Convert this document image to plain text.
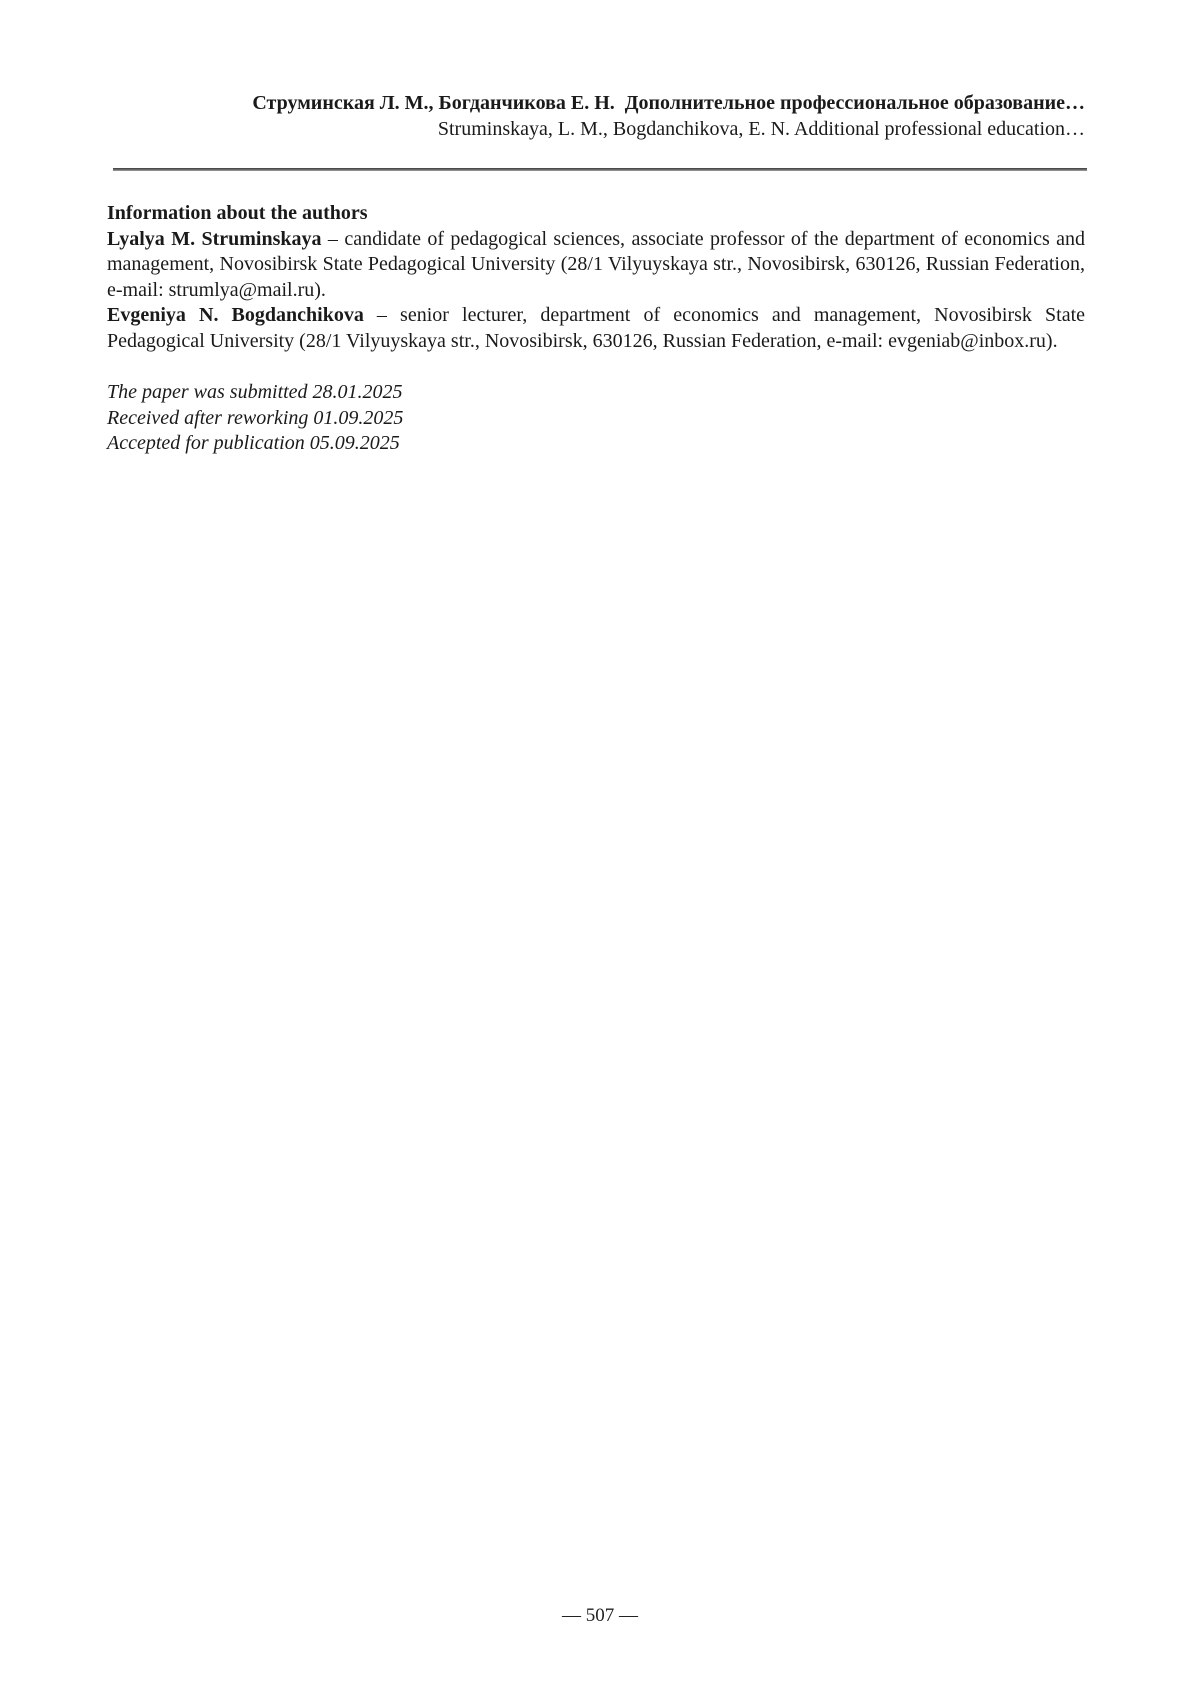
Струминская Л. М., Богданчикова Е. Н.  Дополнительное профессиональное образование…
Struminskaya, L. M., Bogdanchikova, E. N. Additional professional education…

Information about the authors

Lyalya M. Struminskaya – candidate of pedagogical sciences, associate professor of the department of economics and management, Novosibirsk State Pedagogical University (28/1 Vilyuyskaya str., Novosibirsk, 630126, Russian Federation, e-mail: strumlya@mail.ru).

Evgeniya N. Bogdanchikova – senior lecturer, department of economics and management, Novosibirsk State Pedagogical University (28/1 Vilyuyskaya str., Novosibirsk, 630126, Russian Federation, e-mail: evgeniab@inbox.ru).

The paper was submitted 28.01.2025

Received after reworking 01.09.2025

Accepted for publication 05.09.2025

— 507 —
